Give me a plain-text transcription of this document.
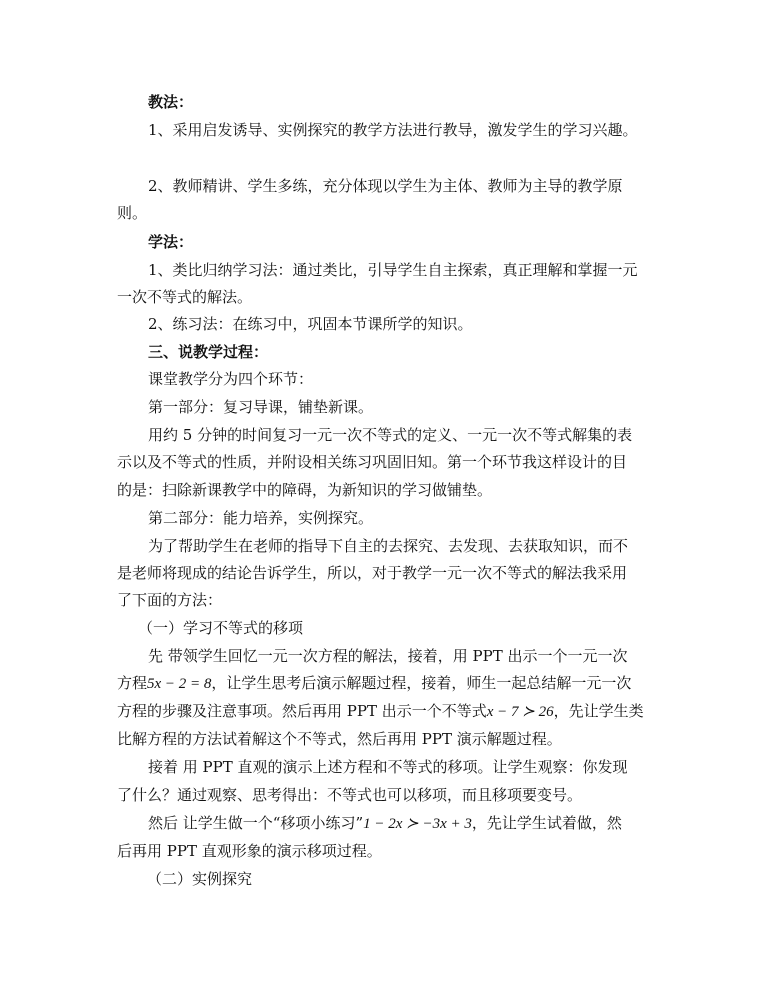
教法：
1、采用启发诱导、实例探究的教学方法进行教导，激发学生的学习兴趣。
2、教师精讲、学生多练，充分体现以学生为主体、教师为主导的教学原
则。
学法：
1、类比归纳学习法：通过类比，引导学生自主探索，真正理解和掌握一元
一次不等式的解法。
2、练习法：在练习中，巩固本节课所学的知识。
三、说教学过程：
课堂教学分为四个环节：
第一部分：复习导课，铺垫新课。
用约 5 分钟的时间复习一元一次不等式的定义、一元一次不等式解集的表
示以及不等式的性质，并附设相关练习巩固旧知。第一个环节我这样设计的目
的是：扫除新课教学中的障碍，为新知识的学习做铺垫。
第二部分：能力培养，实例探究。
为了帮助学生在老师的指导下自主的去探究、去发现、去获取知识，而不
是老师将现成的结论告诉学生，所以，对于教学一元一次不等式的解法我采用
了下面的方法：
（一）学习不等式的移项
先 带领学生回忆一元一次方程的解法，接着，用 PPT 出示一个一元一次
方程5x − 2 = 8，让学生思考后演示解题过程，接着，师生一起总结解一元一次
方程的步骤及注意事项。然后再用 PPT 出示一个不等式x − 7 ≻ 26，先让学生类
比解方程的方法试着解这个不等式，然后再用 PPT 演示解题过程。
接着 用 PPT 直观的演示上述方程和不等式的移项。让学生观察：你发现
了什么？通过观察、思考得出：不等式也可以移项，而且移项要变号。
然后 让学生做一个“移项小练习”1 − 2x ≻ −3x + 3，先让学生试着做，然
后再用 PPT 直观形象的演示移项过程。
（二）实例探究
